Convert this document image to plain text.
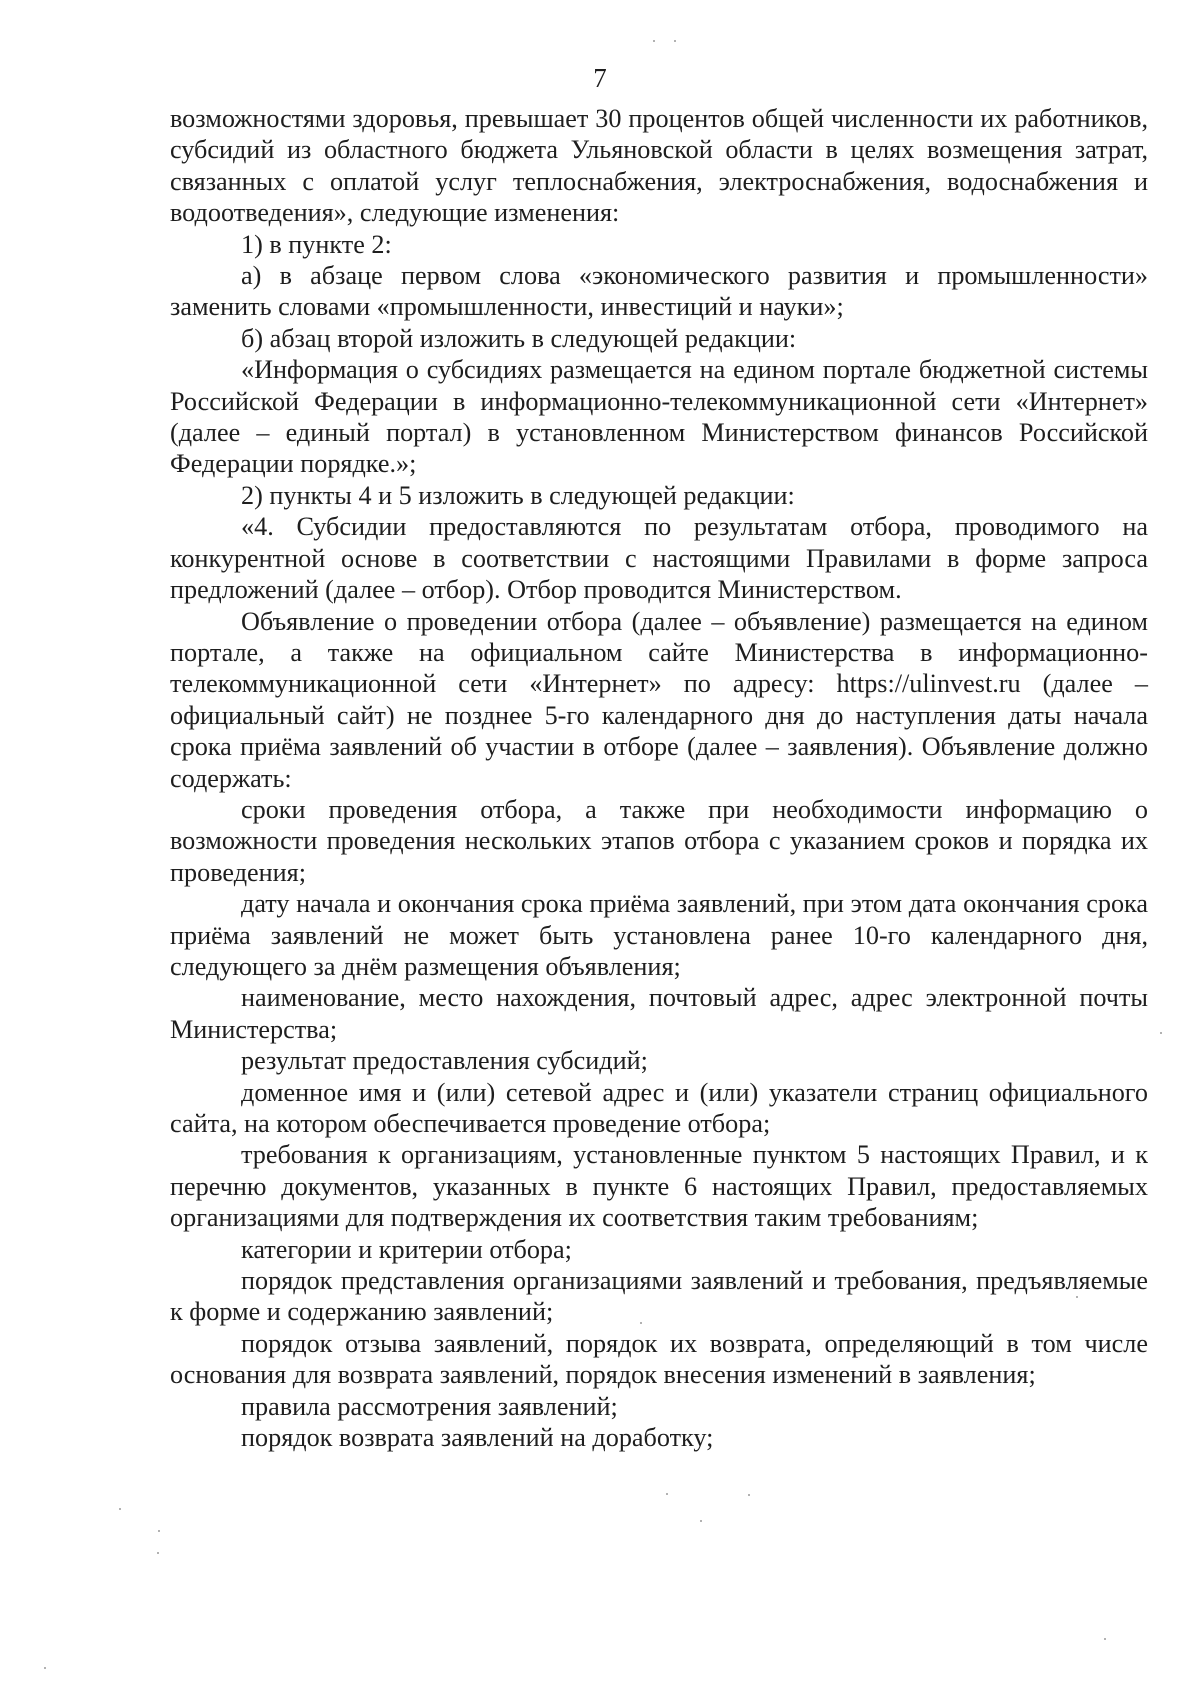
7

возможностями здоровья, превышает 30 процентов общей численности их работников, субсидий из областного бюджета Ульяновской области в целях возмещения затрат, связанных с оплатой услуг теплоснабжения, электроснабжения, водоснабжения и водоотведения», следующие изменения:

1) в пункте 2:

а) в абзаце первом слова «экономического развития и промышленности» заменить словами «промышленности, инвестиций и науки»;

б) абзац второй изложить в следующей редакции:

«Информация о субсидиях размещается на едином портале бюджетной системы Российской Федерации в информационно-телекоммуникационной сети «Интернет» (далее – единый портал) в установленном Министерством финансов Российской Федерации порядке.»;

2) пункты 4 и 5 изложить в следующей редакции:

«4. Субсидии предоставляются по результатам отбора, проводимого на конкурентной основе в соответствии с настоящими Правилами в форме запроса предложений (далее – отбор). Отбор проводится Министерством.

Объявление о проведении отбора (далее – объявление) размещается на едином портале, а также на официальном сайте Министерства в информационно-телекоммуникационной сети «Интернет» по адресу: https://ulinvest.ru (далее – официальный сайт) не позднее 5-го календарного дня до наступления даты начала срока приёма заявлений об участии в отборе (далее – заявления). Объявление должно содержать:

сроки проведения отбора, а также при необходимости информацию о возможности проведения нескольких этапов отбора с указанием сроков и порядка их проведения;

дату начала и окончания срока приёма заявлений, при этом дата окончания срока приёма заявлений не может быть установлена ранее 10-го календарного дня, следующего за днём размещения объявления;

наименование, место нахождения, почтовый адрес, адрес электронной почты Министерства;

результат предоставления субсидий;

доменное имя и (или) сетевой адрес и (или) указатели страниц официального сайта, на котором обеспечивается проведение отбора;

требования к организациям, установленные пунктом 5 настоящих Правил, и к перечню документов, указанных в пункте 6 настоящих Правил, предоставляемых организациями для подтверждения их соответствия таким требованиям;

категории и критерии отбора;

порядок представления организациями заявлений и требования, предъявляемые к форме и содержанию заявлений;

порядок отзыва заявлений, порядок их возврата, определяющий в том числе основания для возврата заявлений, порядок внесения изменений в заявления;

правила рассмотрения заявлений;

порядок возврата заявлений на доработку;
